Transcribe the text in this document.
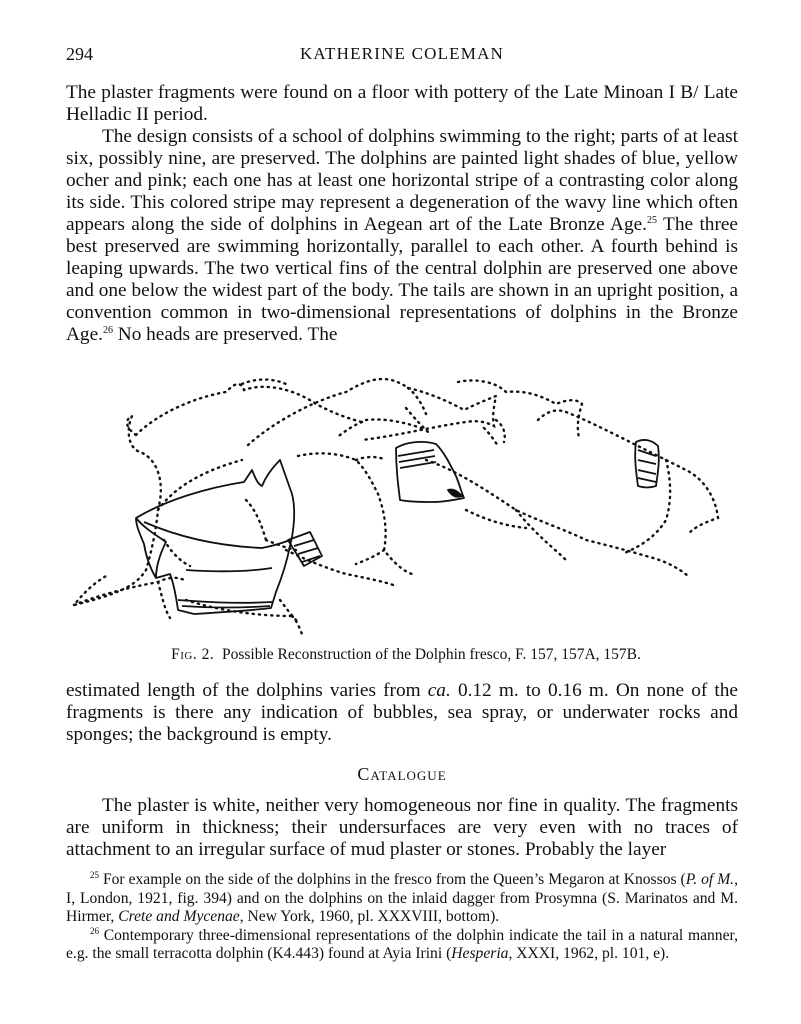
294	KATHERINE COLEMAN

The plaster fragments were found on a floor with pottery of the Late Minoan I B/ Late Helladic II period.

The design consists of a school of dolphins swimming to the right; parts of at least six, possibly nine, are preserved. The dolphins are painted light shades of blue, yellow ocher and pink; each one has at least one horizontal stripe of a contrasting color along its side. This colored stripe may represent a degeneration of the wavy line which often appears along the side of dolphins in Aegean art of the Late Bronze Age.$^{25}$ The three best preserved are swimming horizontally, parallel to each other. A fourth behind is leaping upwards. The two vertical fins of the central dolphin are preserved one above and one below the widest part of the body. The tails are shown in an upright position, a convention common in two-dimensional representations of dolphins in the Bronze Age.$^{26}$ No heads are preserved. The

Fig. 2. Possible Reconstruction of the Dolphin fresco, F. 157, 157A, 157B.

estimated length of the dolphins varies from ca. 0.12 m. to 0.16 m. On none of the fragments is there any indication of bubbles, sea spray, or underwater rocks and sponges; the background is empty.

Catalogue

The plaster is white, neither very homogeneous nor fine in quality. The fragments are uniform in thickness; their undersurfaces are very even with no traces of attachment to an irregular surface of mud plaster or stones. Probably the layer

$^{25}$ For example on the side of the dolphins in the fresco from the Queen’s Megaron at Knossos (P. of M., I, London, 1921, fig. 394) and on the dolphins on the inlaid dagger from Prosymna (S. Marinatos and M. Hirmer, Crete and Mycenae, New York, 1960, pl. XXXVIII, bottom).

$^{26}$ Contemporary three-dimensional representations of the dolphin indicate the tail in a natural manner, e.g. the small terracotta dolphin (K4.443) found at Ayia Irini (Hesperia, XXXI, 1962, pl. 101, e).
